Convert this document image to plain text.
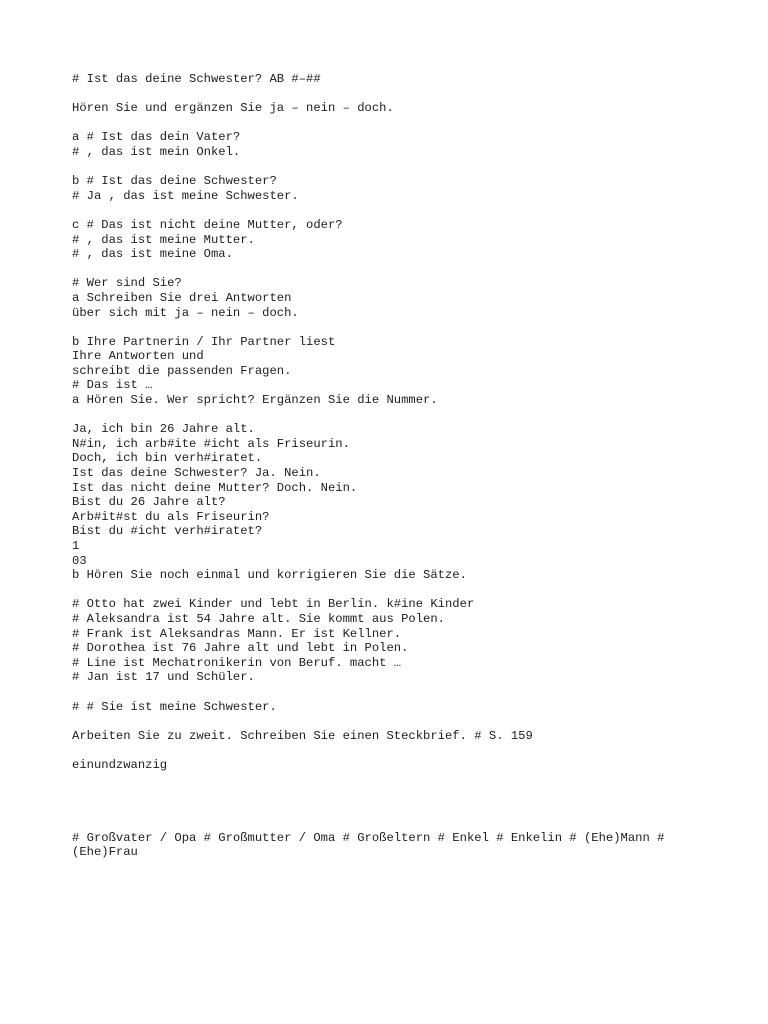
# Ist das deine Schwester? AB #–##
Hören Sie und ergänzen Sie ja – nein – doch.
a # Ist das dein Vater?
# , das ist mein Onkel.
b # Ist das deine Schwester?
# Ja , das ist meine Schwester.
c # Das ist nicht deine Mutter, oder?
# , das ist meine Mutter.
# , das ist meine Oma.
# Wer sind Sie?
a Schreiben Sie drei Antworten
über sich mit ja – nein – doch.
b Ihre Partnerin / Ihr Partner liest
Ihre Antworten und
schreibt die passenden Fragen.
# Das ist …
a Hören Sie. Wer spricht? Ergänzen Sie die Nummer.
Ja, ich bin 26 Jahre alt.
N#in, ich arb#ite #icht als Friseurin.
Doch, ich bin verh#iratet.
Ist das deine Schwester? Ja. Nein.
Ist das nicht deine Mutter? Doch. Nein.
Bist du 26 Jahre alt?
Arb#it#st du als Friseurin?
Bist du #icht verh#iratet?
1
03
b Hören Sie noch einmal und korrigieren Sie die Sätze.
# Otto hat zwei Kinder und lebt in Berlin. k#ine Kinder
# Aleksandra ist 54 Jahre alt. Sie kommt aus Polen.
# Frank ist Aleksandras Mann. Er ist Kellner.
# Dorothea ist 76 Jahre alt und lebt in Polen.
# Line ist Mechatronikerin von Beruf. macht …
# Jan ist 17 und Schüler.
# # Sie ist meine Schwester.
Arbeiten Sie zu zweit. Schreiben Sie einen Steckbrief. # S. 159
einundzwanzig
# Großvater / Opa # Großmutter / Oma # Großeltern # Enkel # Enkelin # (Ehe)Mann #
(Ehe)Frau
